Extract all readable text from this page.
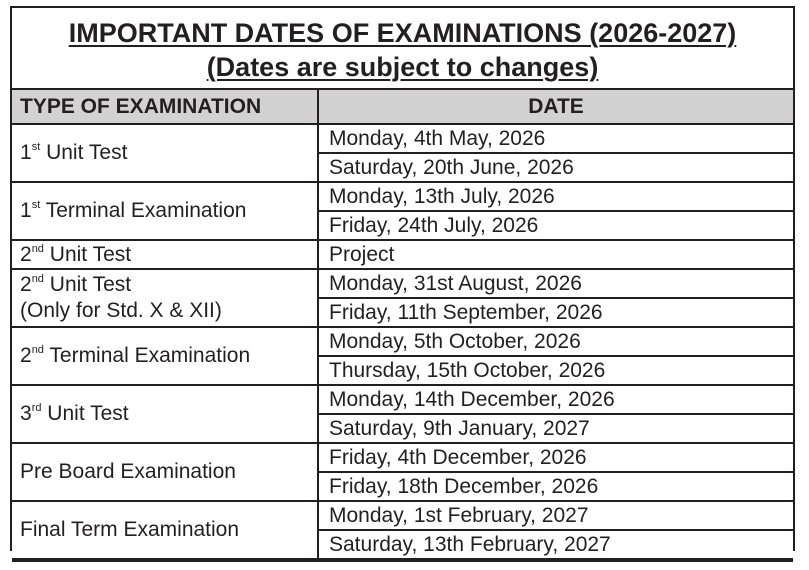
IMPORTANT DATES OF EXAMINATIONS (2026-2027)
(Dates are subject to changes)
TYPE OF EXAMINATION	DATE

1st Unit Test	Monday, 4th May, 2026
	Saturday, 20th June, 2026

1st Terminal Examination	Monday, 13th July, 2026
	Friday, 24th July, 2026

2nd Unit Test	Project

2nd Unit Test
(Only for Std. X & XII)	Monday, 31st August, 2026
	Friday, 11th September, 2026

2nd Terminal Examination	Monday, 5th October, 2026
	Thursday, 15th October, 2026

3rd Unit Test	Monday, 14th December, 2026
	Saturday, 9th January, 2027

Pre Board Examination	Friday, 4th December, 2026
	Friday, 18th December, 2026

Final Term Examination	Monday, 1st February, 2027
	Saturday, 13th February, 2027
